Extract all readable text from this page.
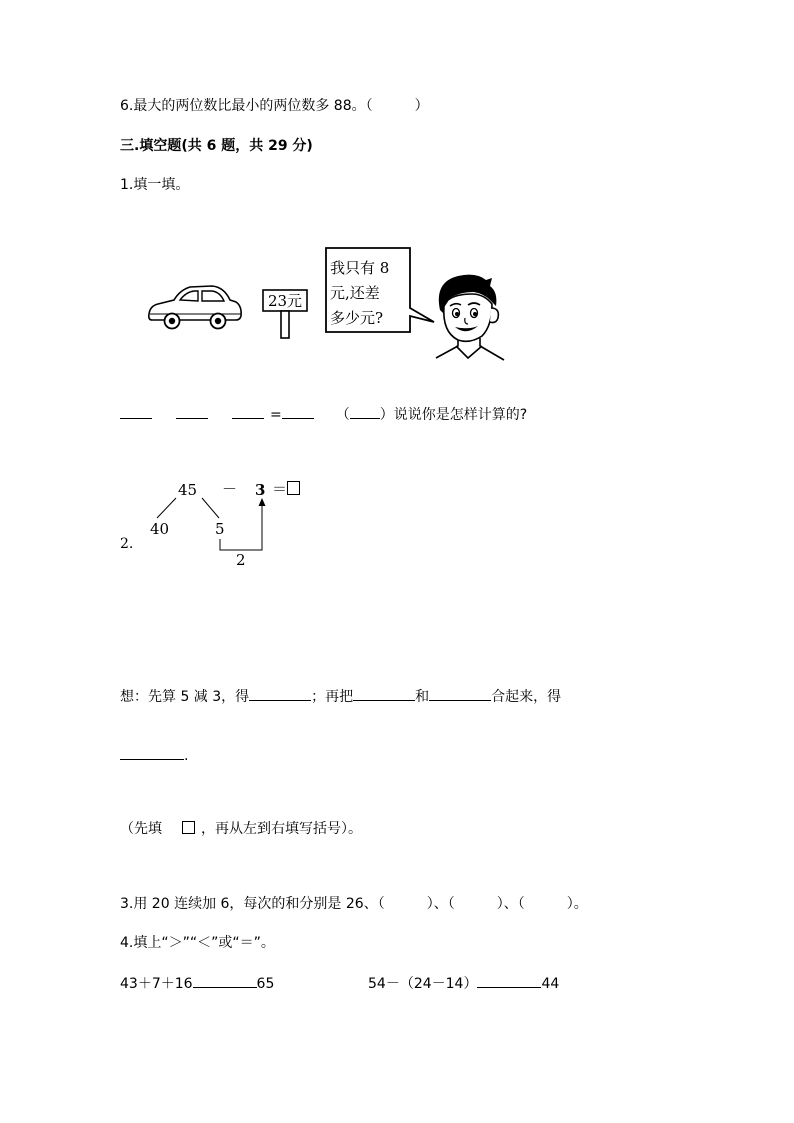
6.最大的两位数比最小的两位数多 88。（　　　）
三.填空题(共 6 题，共 29 分)
1.填一填。
23元
我只有 8
元,还差
多少元?
=	（ ）说说你是怎样计算的?
2.
45 － 3 ＝
40	5
2
想：先算 5 减 3，得	；再把	和	合起来，得
.
（先填	，再从左到右填写括号）。
3.用 20 连续加 6，每次的和分别是 26、（　　　）、（　　　）、（　　　）。
4.填上“＞”“＜”或“＝”。
43＋7＋16	65	54－（24－14）	44
